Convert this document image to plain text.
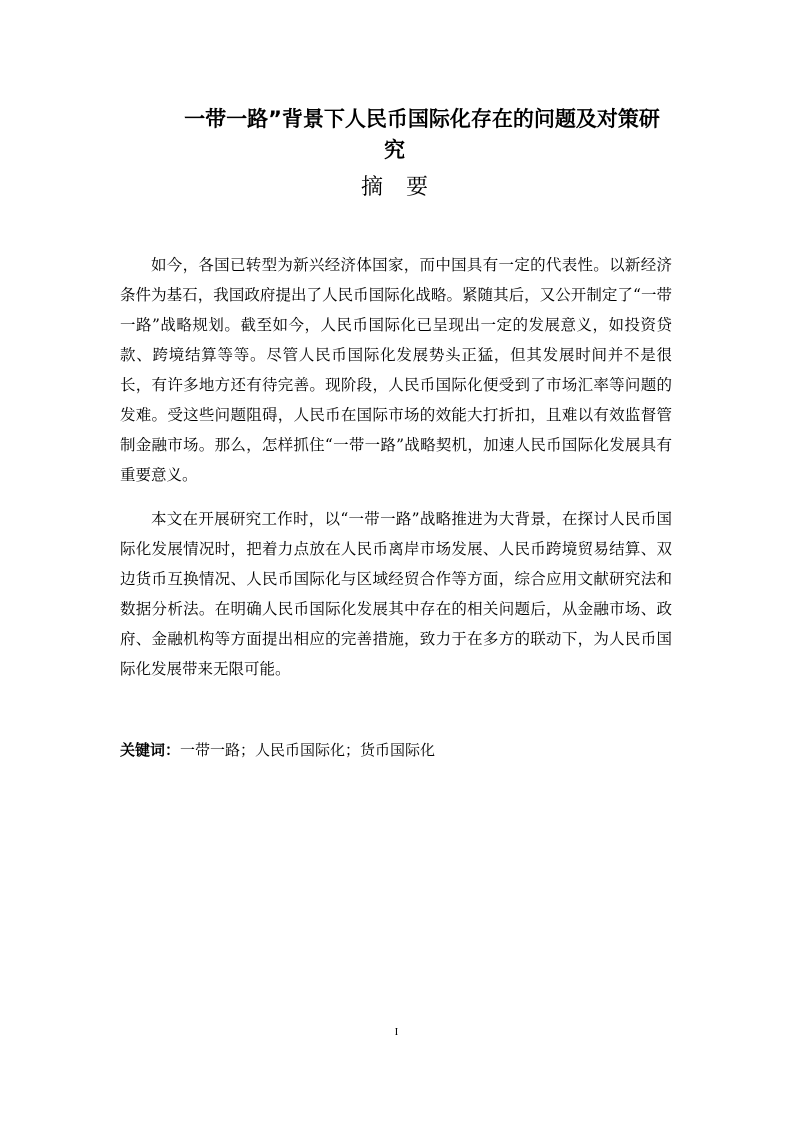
一带一路”背景下人民币国际化存在的问题及对策研
究
摘 要

如今，各国已转型为新兴经济体国家，而中国具有一定的代表性。以新经济条件为基石，我国政府提出了人民币国际化战略。紧随其后，又公开制定了“一带一路”战略规划。截至如今，人民币国际化已呈现出一定的发展意义，如投资贷款、跨境结算等等。尽管人民币国际化发展势头正猛，但其发展时间并不是很长，有许多地方还有待完善。现阶段，人民币国际化便受到了市场汇率等问题的发难。受这些问题阻碍，人民币在国际市场的效能大打折扣，且难以有效监督管制金融市场。那么，怎样抓住“一带一路”战略契机，加速人民币国际化发展具有重要意义。

本文在开展研究工作时，以“一带一路”战略推进为大背景，在探讨人民币国际化发展情况时，把着力点放在人民币离岸市场发展、人民币跨境贸易结算、双边货币互换情况、人民币国际化与区域经贸合作等方面，综合应用文献研究法和数据分析法。在明确人民币国际化发展其中存在的相关问题后，从金融市场、政府、金融机构等方面提出相应的完善措施，致力于在多方的联动下，为人民币国际化发展带来无限可能。

关键词：一带一路；人民币国际化；货币国际化
I
